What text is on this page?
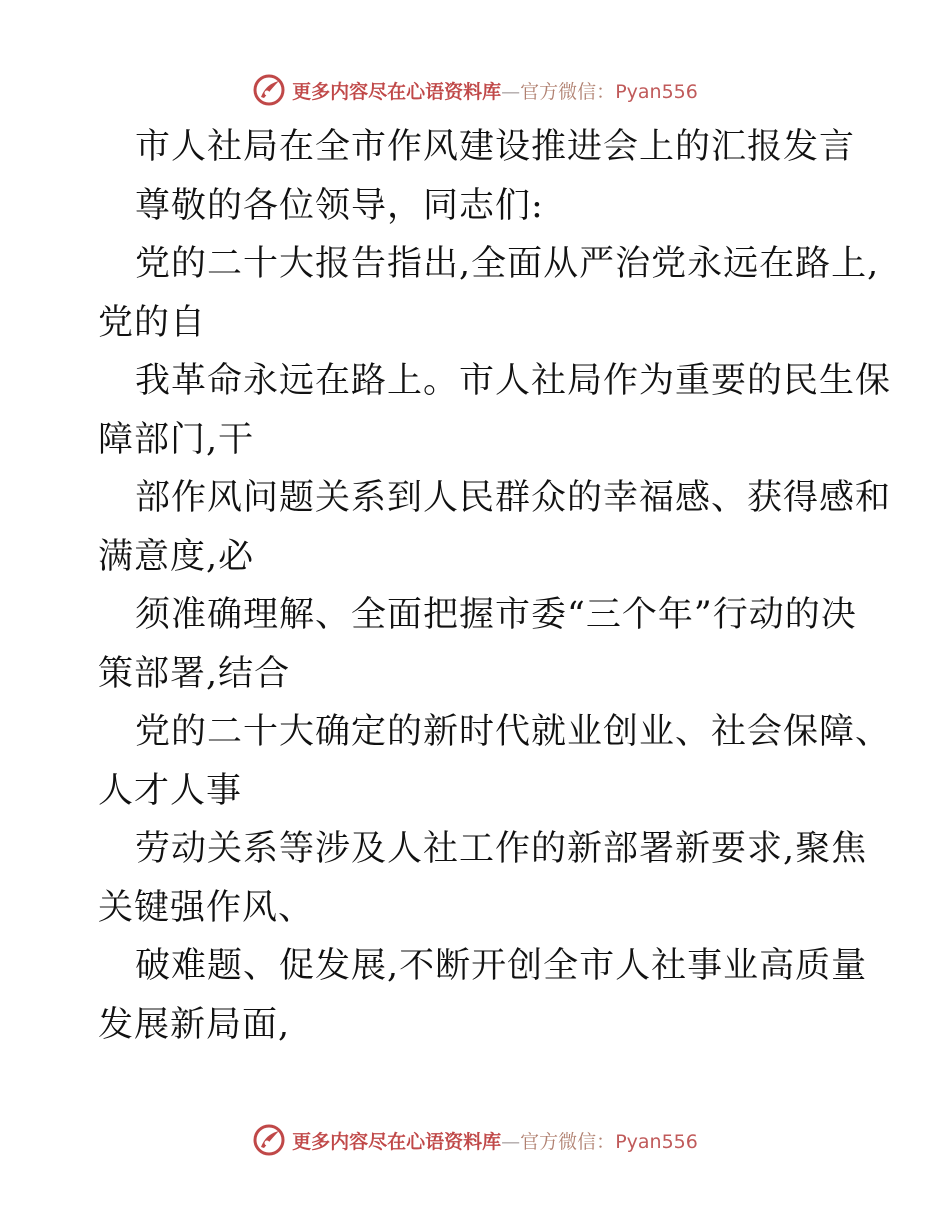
更多内容尽在心语资料库—官方微信：Pyan556
市人社局在全市作风建设推进会上的汇报发言
尊敬的各位领导，同志们:
党的二十大报告指出,全面从严治党永远在路上,
党的自
我革命永远在路上。市人社局作为重要的民生保
障部门,干
部作风问题关系到人民群众的幸福感、获得感和
满意度,必
须准确理解、全面把握市委“三个年”行动的决
策部署,结合
党的二十大确定的新时代就业创业、社会保障、
人才人事
劳动关系等涉及人社工作的新部署新要求,聚焦
关键强作风、
破难题、促发展,不断开创全市人社事业高质量
发展新局面,
更多内容尽在心语资料库—官方微信：Pyan556
